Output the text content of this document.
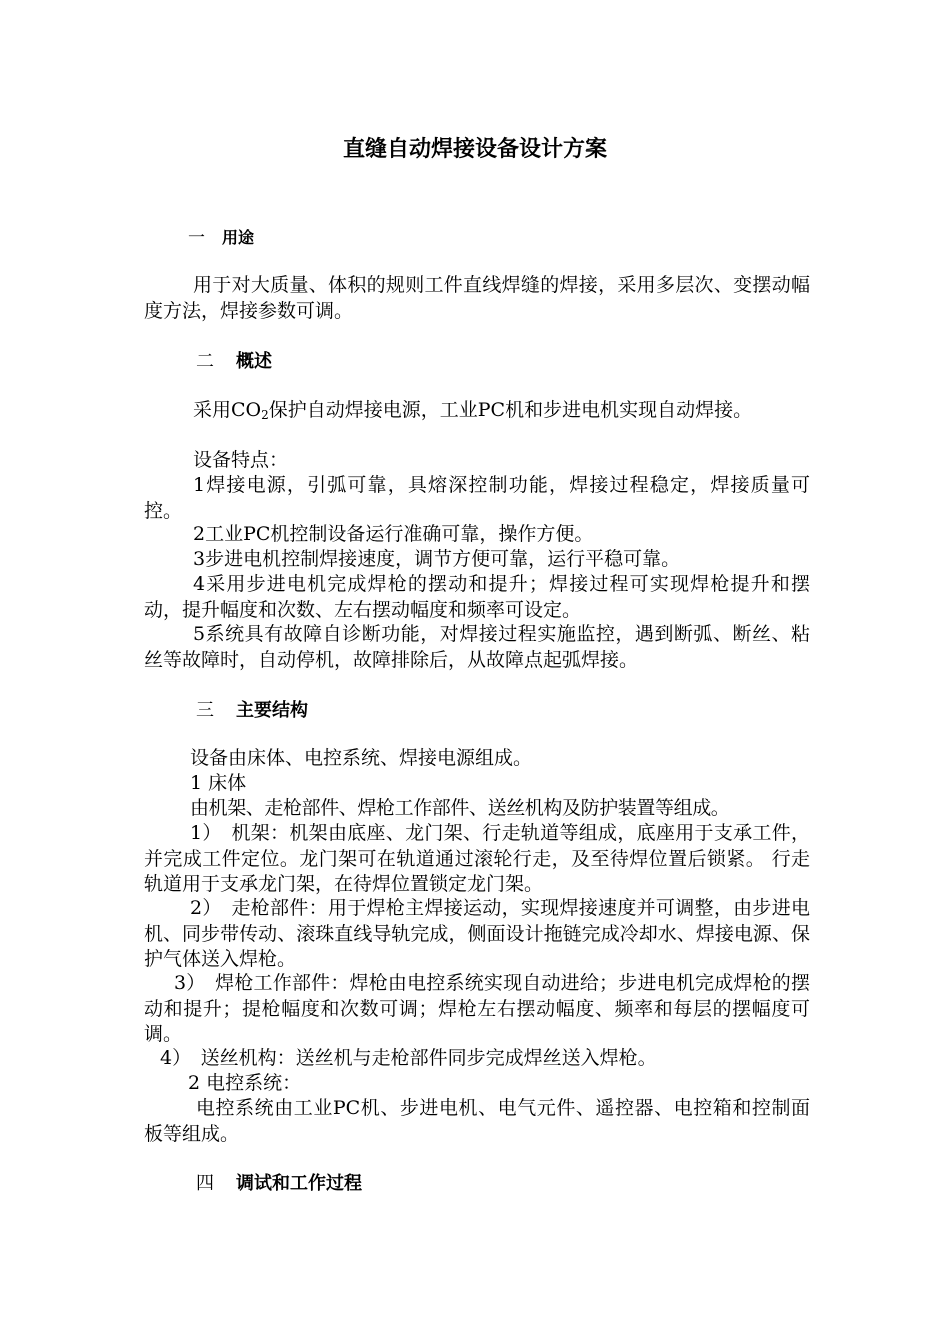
直缝自动焊接设备设计方案
一 用途
用于对大质量、体积的规则工件直线焊缝的焊接，采用多层次、变摆动幅度方法，焊接参数可调。
二 概述
采用$CO_2$保护自动焊接电源，工业PC机和步进电机实现自动焊接。
设备特点：
1焊接电源，引弧可靠，具熔深控制功能，焊接过程稳定，焊接质量可控。
2工业PC机控制设备运行准确可靠，操作方便。
3步进电机控制焊接速度，调节方便可靠，运行平稳可靠。
4采用步进电机完成焊枪的摆动和提升；焊接过程可实现焊枪提升和摆动，提升幅度和次数、左右摆动幅度和频率可设定。
5系统具有故障自诊断功能，对焊接过程实施监控，遇到断弧、断丝、粘丝等故障时，自动停机，故障排除后，从故障点起弧焊接。
三 主要结构
设备由床体、电控系统、焊接电源组成。
1 床体
由机架、走枪部件、焊枪工作部件、送丝机构及防护装置等组成。
1）　机架：机架由底座、龙门架、行走轨道等组成，底座用于支承工件，并完成工件定位。龙门架可在轨道通过滚轮行走，及至待焊位置后锁紧。 行走轨道用于支承龙门架，在待焊位置锁定龙门架。
2）　走枪部件：用于焊枪主焊接运动，实现焊接速度并可调整，由步进电机、同步带传动、滚珠直线导轨完成，侧面设计拖链完成冷却水、焊接电源、保护气体送入焊枪。
3）　焊枪工作部件：焊枪由电控系统实现自动进给；步进电机完成焊枪的摆动和提升；提枪幅度和次数可调；焊枪左右摆动幅度、频率和每层的摆幅度可调。
4）　送丝机构：送丝机与走枪部件同步完成焊丝送入焊枪。
2 电控系统：
电控系统由工业PC机、步进电机、电气元件、遥控器、电控箱和控制面板等组成。
四 调试和工作过程
